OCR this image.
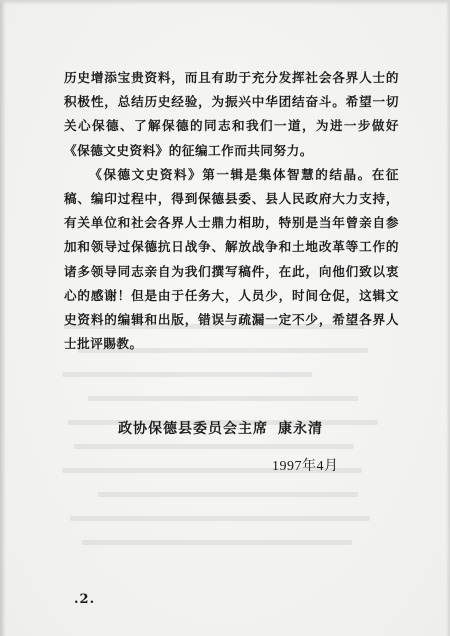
历史增添宝贵资料，而且有助于充分发挥社会各界人士的积极性，总结历史经验，为振兴中华团结奋斗。希望一切关心保德、了解保德的同志和我们一道，为进一步做好《保德文史资料》的征编工作而共同努力。

《保德文史资料》第一辑是集体智慧的结晶。在征稿、编印过程中，得到保德县委、县人民政府大力支持，有关单位和社会各界人士鼎力相助，特别是当年曾亲自参加和领导过保德抗日战争、解放战争和土地改革等工作的诸多领导同志亲自为我们撰写稿件，在此，向他们致以衷心的感谢！但是由于任务大，人员少，时间仓促，这辑文史资料的编辑和出版，错误与疏漏一定不少，希望各界人士批评賜教。

政协保德县委员会主席 康永清
1997年4月
.2.
